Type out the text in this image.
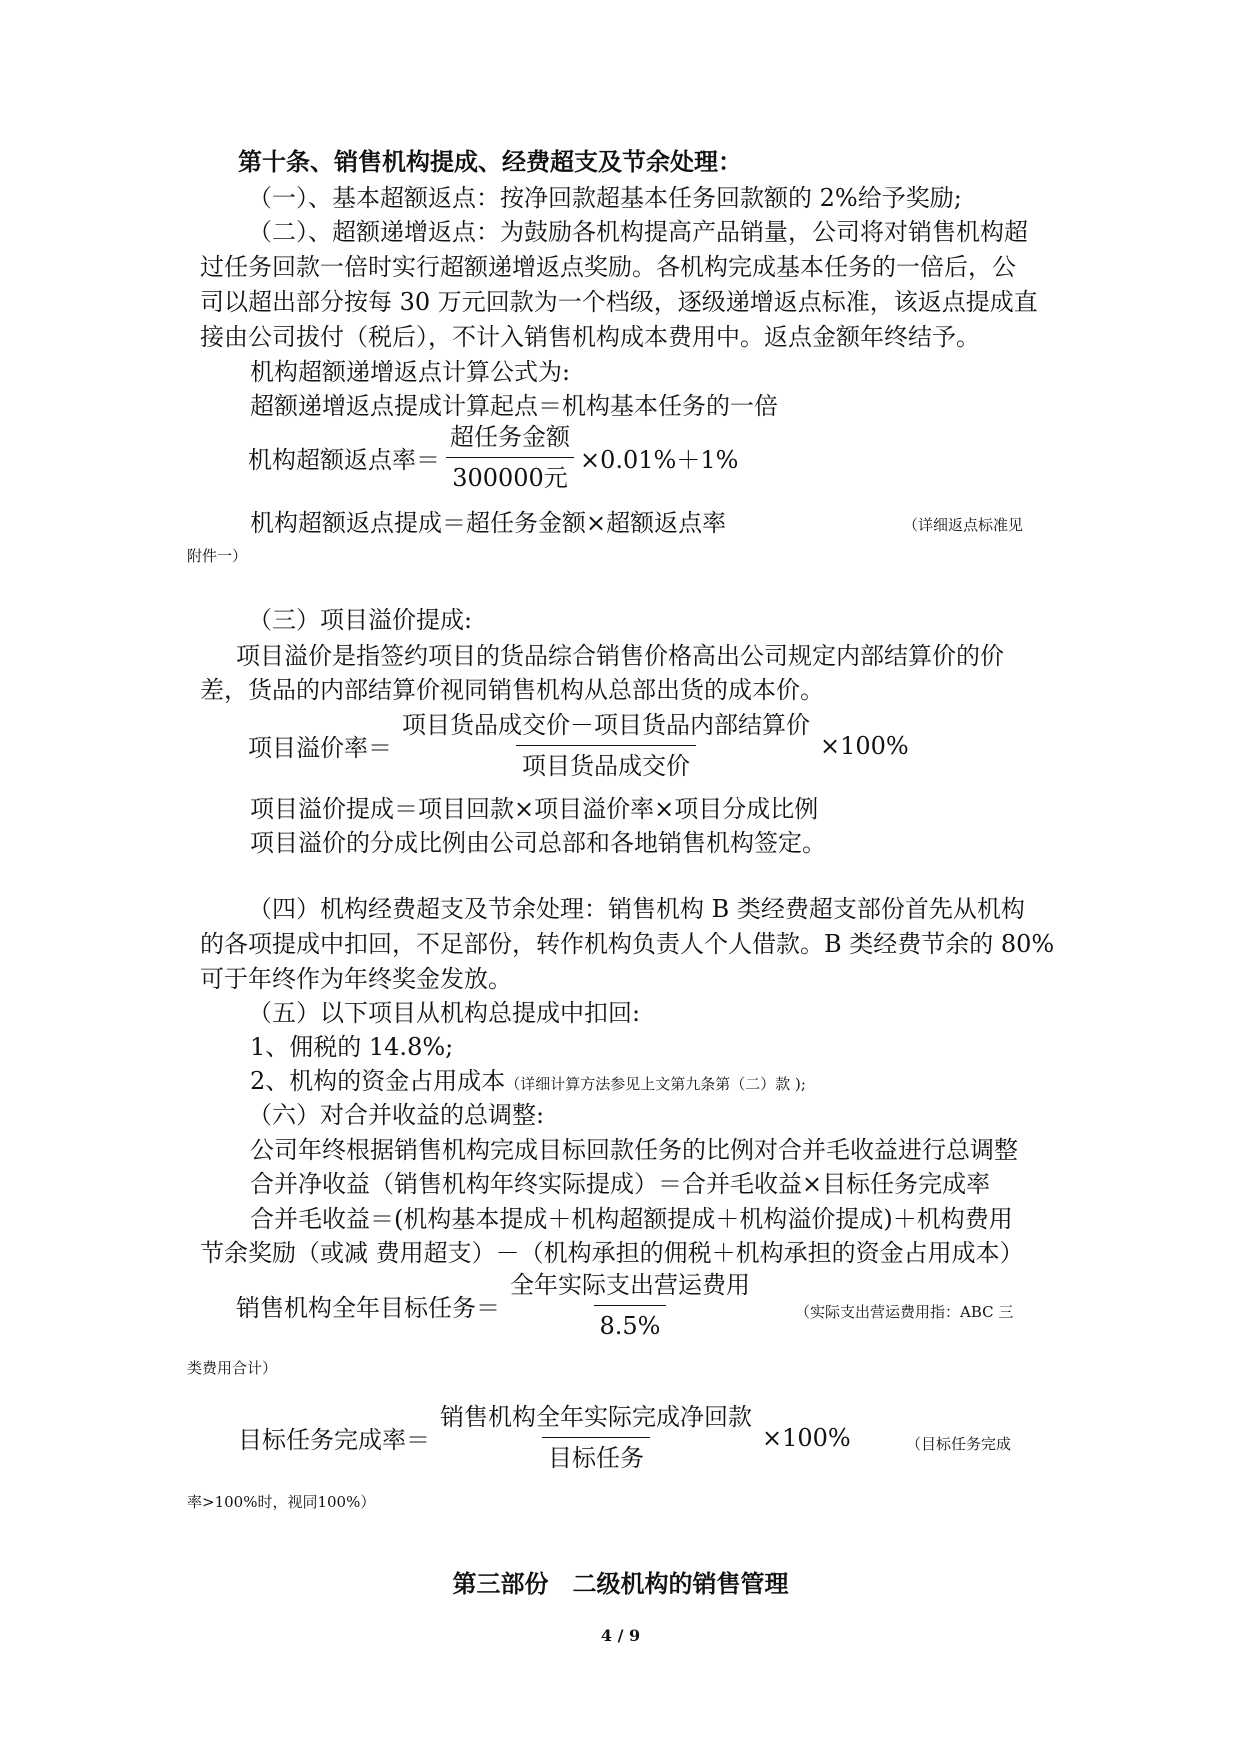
第十条、销售机构提成、经费超支及节余处理：
（一）、基本超额返点：按净回款超基本任务回款额的 2%给予奖励;
（二）、超额递增返点：为鼓励各机构提高产品销量，公司将对销售机构超
过任务回款一倍时实行超额递增返点奖励。各机构完成基本任务的一倍后，公
司以超出部分按每 30 万元回款为一个档级，逐级递增返点标准，该返点提成直
接由公司拔付（税后），不计入销售机构成本费用中。返点金额年终结予。
机构超额递增返点计算公式为:
超额递增返点提成计算起点＝机构基本任务的一倍
机构超额返点率＝ $\frac{\text{超任务金额}}{\text{300000元}} \times 0.01\%+1\%$
机构超额返点提成＝超任务金额×超额返点率	（详细返点标准见
附件一）
（三）项目溢价提成:
项目溢价是指签约项目的货品综合销售价格高出公司规定内部结算价的价
差，货品的内部结算价视同销售机构从总部出货的成本价。
项目溢价率＝ $\frac{\text{项目货品成交价－项目货品内部结算价}}{\text{项目货品成交价}} \times 100\%$
项目溢价提成＝项目回款×项目溢价率×项目分成比例
项目溢价的分成比例由公司总部和各地销售机构签定。
（四）机构经费超支及节余处理：销售机构 B 类经费超支部份首先从机构
的各项提成中扣回，不足部份，转作机构负责人个人借款。B 类经费节余的 80%
可于年终作为年终奖金发放。
（五）以下项目从机构总提成中扣回:
1、佣税的 14.8%;
2、机构的资金占用成本（详细计算方法参见上文第九条第（二）款 );
（六）对合并收益的总调整:
公司年终根据销售机构完成目标回款任务的比例对合并毛收益进行总调整
合并净收益（销售机构年终实际提成）＝合并毛收益×目标任务完成率
合并毛收益＝(机构基本提成＋机构超额提成＋机构溢价提成)＋机构费用
节余奖励（或减 费用超支）－（机构承担的佣税＋机构承担的资金占用成本）
销售机构全年目标任务＝ $\frac{\text{全年实际支出营运费用}}{8.5\%}$	（实际支出营运费用指：ABC 三
类费用合计）
目标任务完成率＝ $\frac{\text{销售机构全年实际完成净回款}}{\text{目标任务}} \times 100\%$	（目标任务完成
率>100%时，视同100%）
第三部份　二级机构的销售管理
4 / 9
